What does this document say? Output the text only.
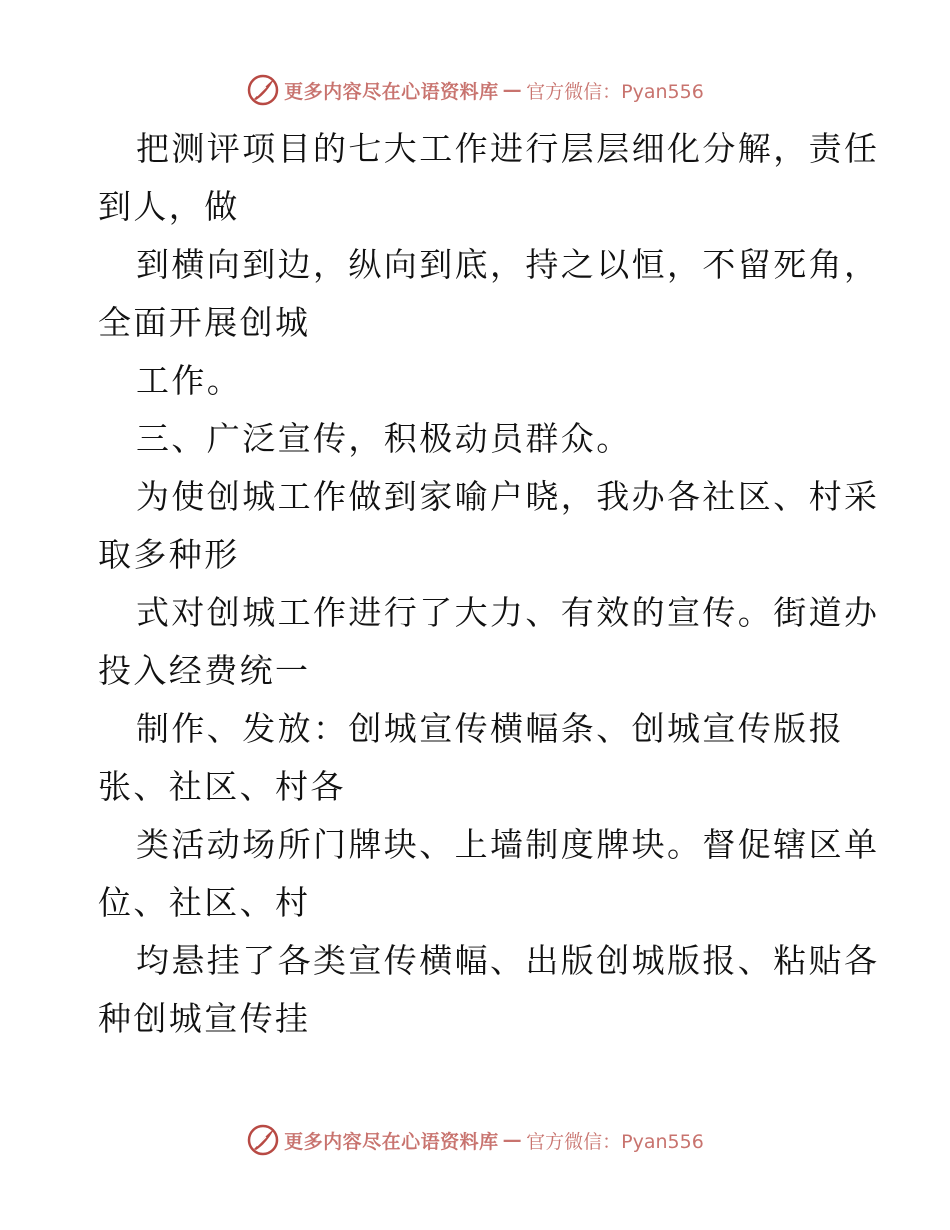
更多内容尽在心语资料库 — 官方微信：Pyan556
把测评项目的七大工作进行层层细化分解，责任
到人，做
到横向到边，纵向到底，持之以恒，不留死角，
全面开展创城
工作。
三、广泛宣传，积极动员群众。
为使创城工作做到家喻户晓，我办各社区、村采
取多种形
式对创城工作进行了大力、有效的宣传。街道办
投入经费统一
制作、发放：创城宣传横幅条、创城宣传版报
张、社区、村各
类活动场所门牌块、上墙制度牌块。督促辖区单
位、社区、村
均悬挂了各类宣传横幅、出版创城版报、粘贴各
种创城宣传挂
更多内容尽在心语资料库 — 官方微信：Pyan556
